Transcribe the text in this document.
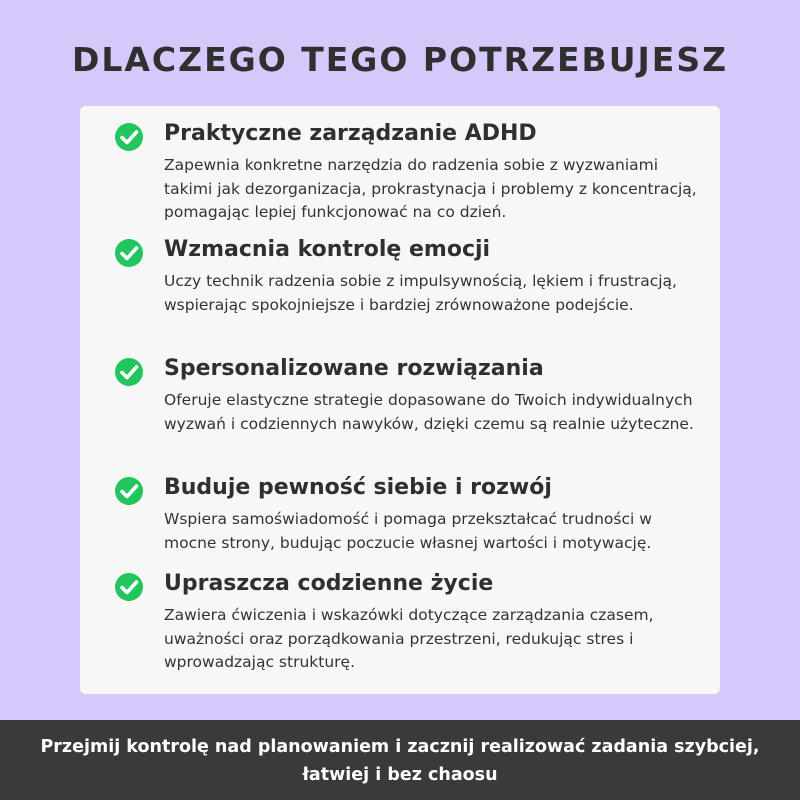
DLACZEGO TEGO POTRZEBUJESZ
Praktyczne zarządzanie ADHD
Zapewnia konkretne narzędzia do radzenia sobie z wyzwaniami takimi jak dezorganizacja, prokrastynacja i problemy z koncentracją, pomagając lepiej funkcjonować na co dzień.
Wzmacnia kontrolę emocji
Uczy technik radzenia sobie z impulsywnością, lękiem i frustracją, wspierając spokojniejsze i bardziej zrównoważone podejście.
Spersonalizowane rozwiązania
Oferuje elastyczne strategie dopasowane do Twoich indywidualnych wyzwań i codziennych nawyków, dzięki czemu są realnie użyteczne.
Buduje pewność siebie i rozwój
Wspiera samoświadomość i pomaga przekształcać trudności w mocne strony, budując poczucie własnej wartości i motywację.
Upraszcza codzienne życie
Zawiera ćwiczenia i wskazówki dotyczące zarządzania czasem, uważności oraz porządkowania przestrzeni, redukując stres i wprowadzając strukturę.
Przejmij kontrolę nad planowaniem i zacznij realizować zadania szybciej,
łatwiej i bez chaosu
